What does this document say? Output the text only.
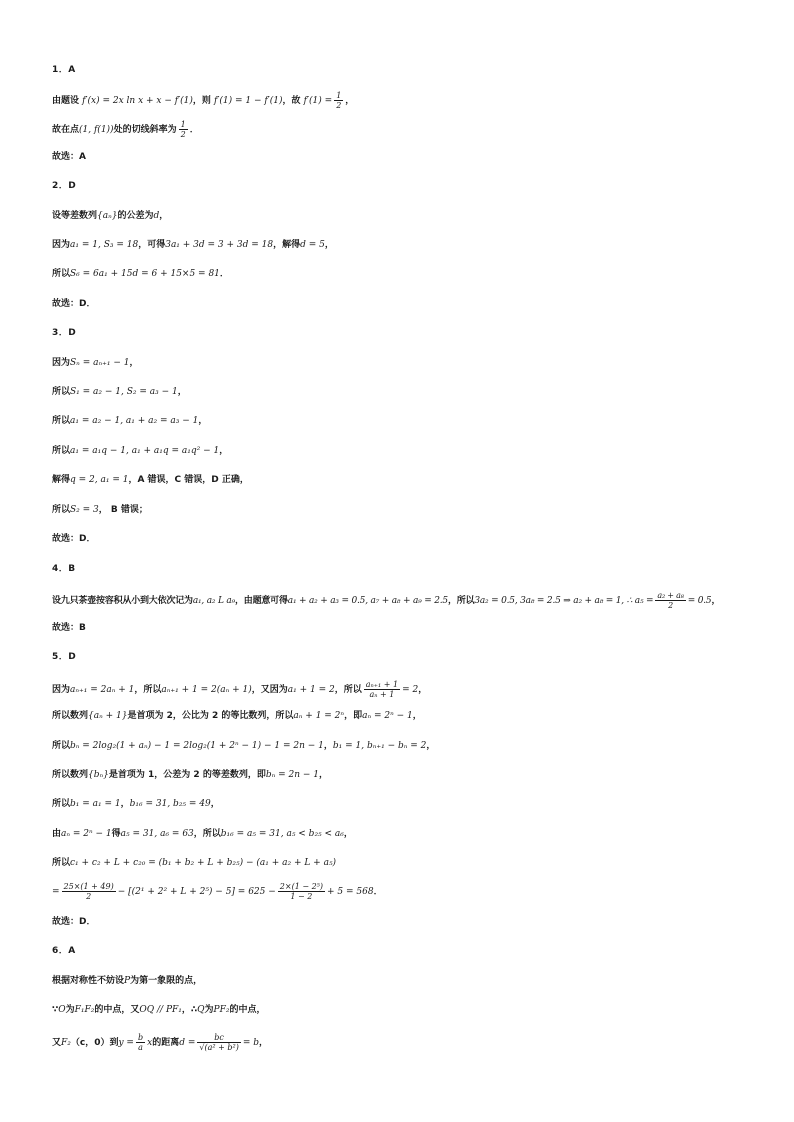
1．A
由题设 f′(x) = 2x ln x + x − f′(1)，则 f′(1) = 1 − f′(1)，故 $f'(1) = \frac{1}{2}$ ，
故在点(1, f(1))处的切线斜率为 $\frac{1}{2}$ ．
故选：A
2．D
设等差数列{aₙ}的公差为d，
因为a₁ = 1, S₃ = 18，可得3a₁ + 3d = 3 + 3d = 18，解得d = 5，
所以S₆ = 6a₁ + 15d = 6 + 15×5 = 81．
故选：D．
3．D
因为Sₙ = aₙ₊₁ − 1，
所以S₁ = a₂ − 1, S₂ = a₃ − 1，
所以a₁ = a₂ − 1, a₁ + a₂ = a₃ − 1，
所以a₁ = a₁q − 1, a₁ + a₁q = a₁q² − 1，
解得q = 2, a₁ = 1，A 错误，C 错误，D 正确，
所以S₂ = 3， B 错误；
故选：D．
4．B
设九只茶壶按容积从小到大依次记为a₁, a₂ L a₉，由题意可得a₁ + a₂ + a₃ = 0.5, a₇ + a₈ + a₉ = 2.5，所以3a₂ = 0.5, 3a₈ = 2.5 ⇒ a₂ + a₈ = 1, ∴ $a_5 = \frac{\text{a₂ + a₈}}{2} = 0.5$，
故选：B
5．D
因为aₙ₊₁ = 2aₙ + 1，所以aₙ₊₁ + 1 = 2(aₙ + 1)，又因为a₁ + 1 = 2，所以 $\frac{\text{aₙ₊₁ + 1}}{\text{aₙ + 1}} = 2$，
所以数列{aₙ + 1}是首项为 2，公比为 2 的等比数列，所以aₙ + 1 = 2ⁿ，即aₙ = 2ⁿ − 1，
所以bₙ = 2log₂(1 + aₙ) − 1 = 2log₂(1 + 2ⁿ − 1) − 1 = 2n − 1，b₁ = 1, bₙ₊₁ − bₙ = 2，
所以数列{bₙ}是首项为 1，公差为 2 的等差数列，即bₙ = 2n − 1，
所以b₁ = a₁ = 1，b₁₆ = 31, b₂₅ = 49，
由aₙ = 2ⁿ − 1得a₅ = 31, a₆ = 63，所以b₁₆ = a₅ = 31, a₅ < b₂₅ < a₆，
所以c₁ + c₂ + L + c₂₀ = (b₁ + b₂ + L + b₂₅) − (a₁ + a₂ + L + a₅)
= $\frac{25\times(1 + 49)}{2} - [(2^1 + 2^2 + L + 2^5) - 5] = 625 - \frac{\text{2×(1 − 2⁵)}}{1 - 2} + 5 = 568$．
故选：D．
6．A
根据对称性不妨设P为第一象限的点，
∵O为F₁F₂的中点，又OQ // PF₁，∴Q为PF₂的中点，
又F₂（c，0）到$y = \frac{b}{a}$ x的距离$d = \frac{bc}{\text{√(a² + b²)}} = b$，
